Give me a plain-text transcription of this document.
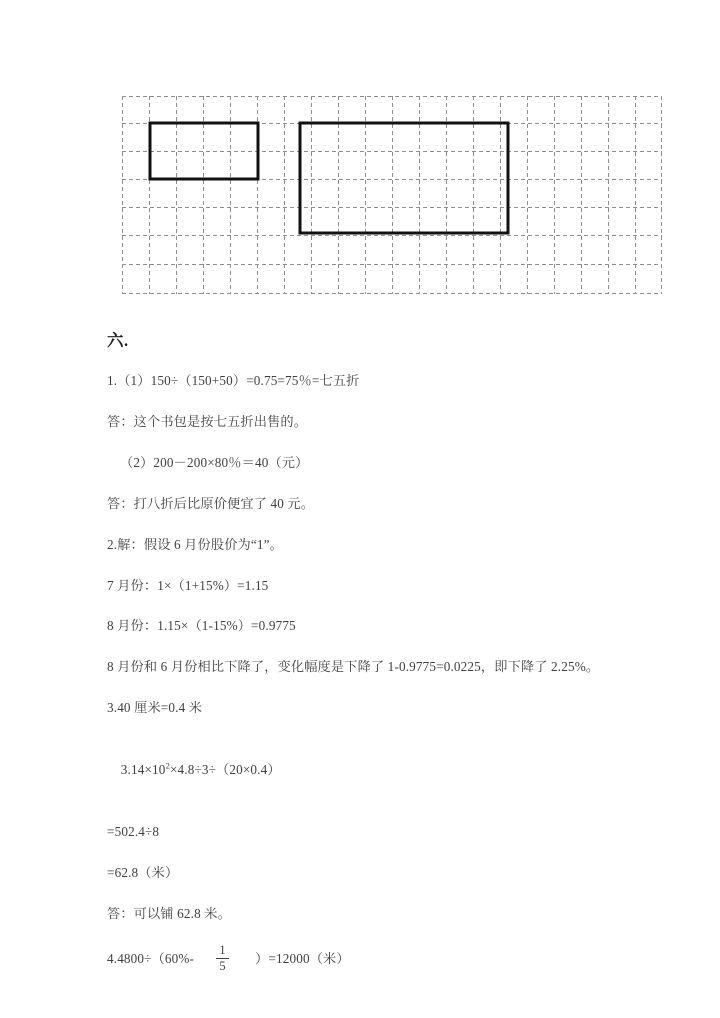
六.

1.（1）150÷（150+50）=0.75=75％=七五折

答：这个书包是按七五折出售的。

（2）200－200×80％＝40（元）

答：打八折后比原价便宜了 40 元。

2.解：假设 6 月份股价为“1”。

7 月份：1×（1+15%）=1.15

8 月份：1.15×（1-15%）=0.9775

8 月份和 6 月份相比下降了，变化幅度是下降了 1-0.9775=0.0225，即下降了 2.25%。

3.40 厘米=0.4 米

$3.14\times 10^2\times 4.8\div 3\div(20\times 0.4)$

=502.4÷8

=62.8（米）

答：可以铺 62.8 米。

$4.4800\div(60\%- \frac{1}{5} )=12000$（米）
